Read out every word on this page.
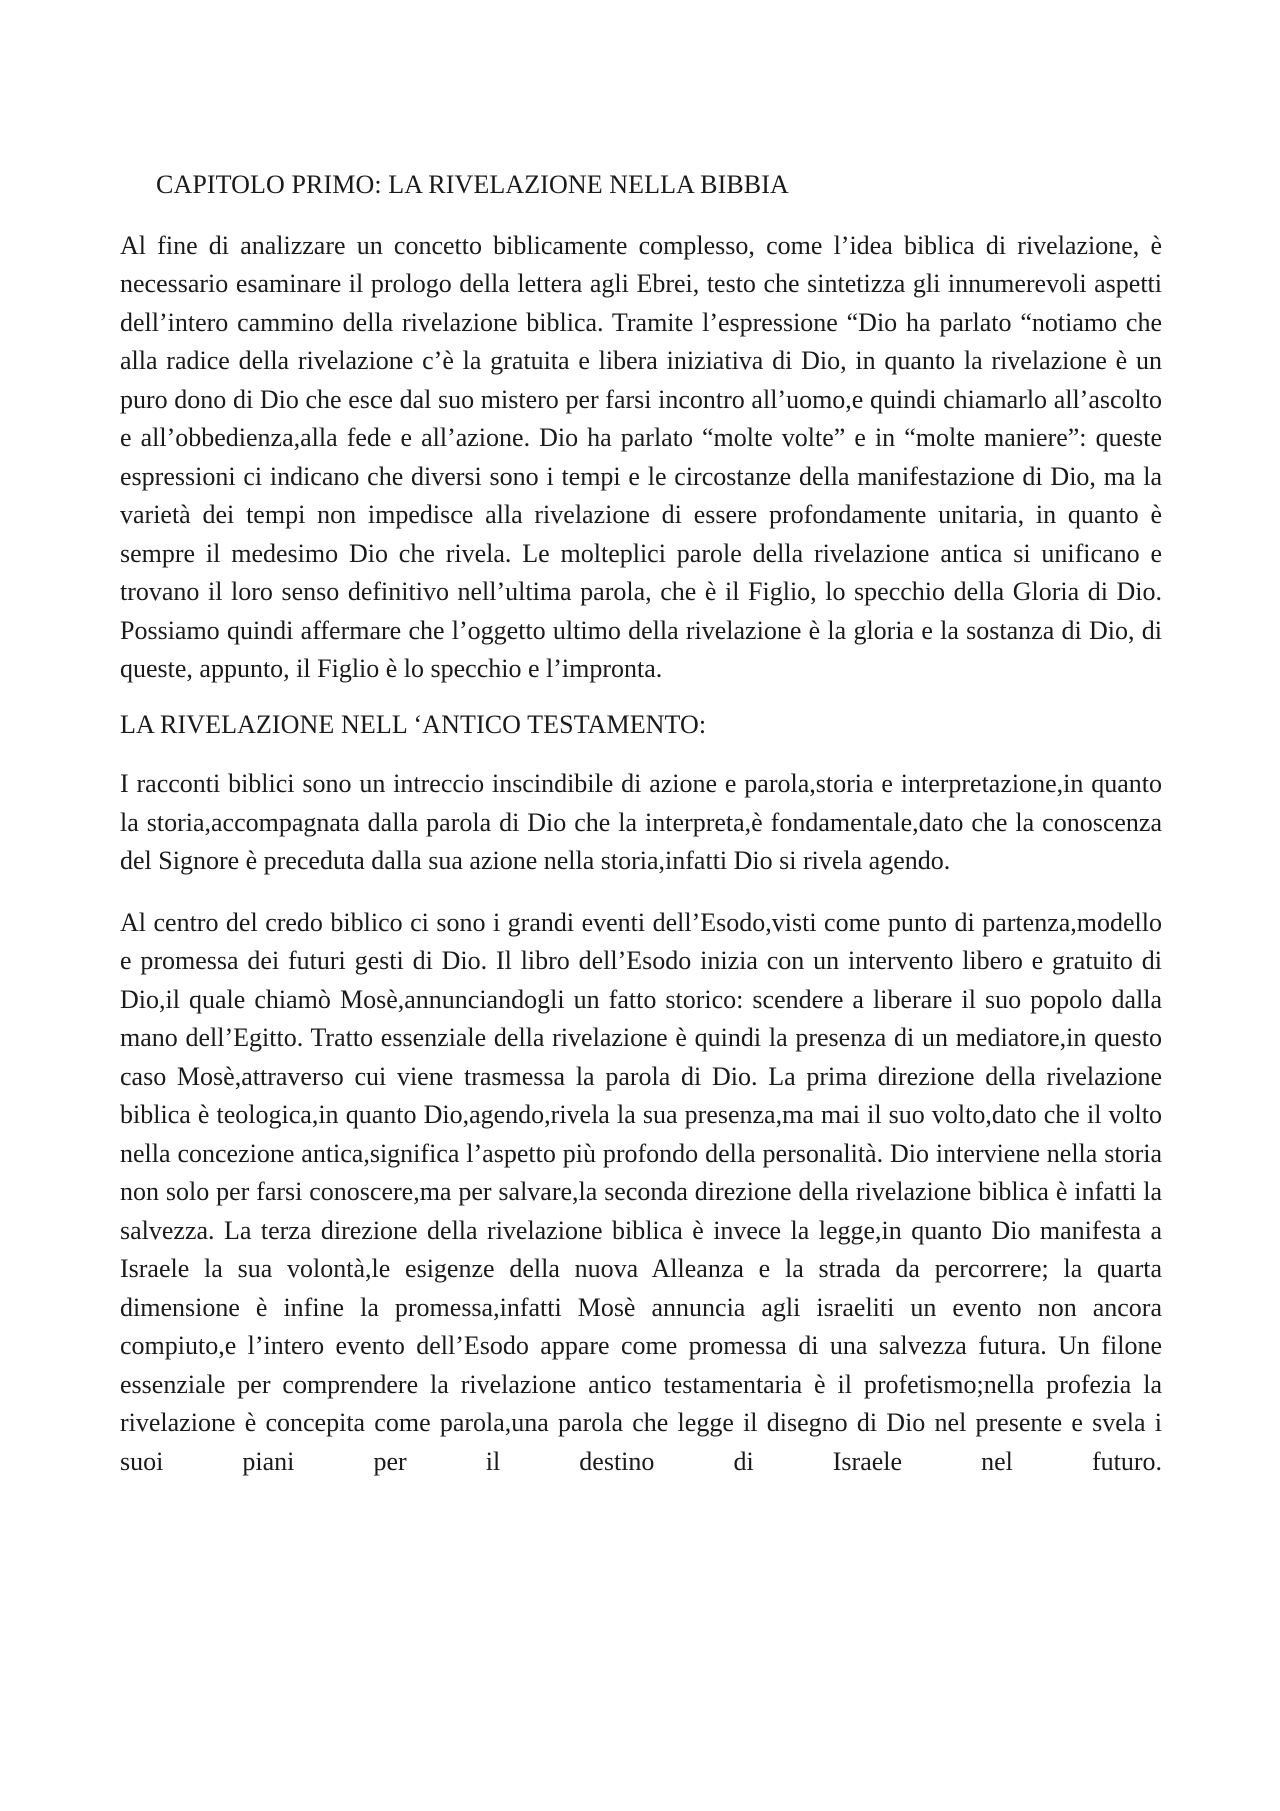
CAPITOLO PRIMO: LA RIVELAZIONE NELLA BIBBIA

Al fine di analizzare un concetto biblicamente complesso, come l’idea biblica di rivelazione, è necessario esaminare il prologo della lettera agli Ebrei, testo che sintetizza gli innumerevoli aspetti dell’intero cammino della rivelazione biblica. Tramite l’espressione “Dio ha parlato “notiamo che alla radice della rivelazione c’è la gratuita e libera iniziativa di Dio, in quanto la rivelazione è un puro dono di Dio che esce dal suo mistero per farsi incontro all’uomo,e quindi chiamarlo all’ascolto e all’obbedienza,alla fede e all’azione. Dio ha parlato “molte volte” e in “molte maniere”: queste espressioni ci indicano che diversi sono i tempi e le circostanze della manifestazione di Dio, ma la varietà dei tempi non impedisce alla rivelazione di essere profondamente unitaria, in quanto è sempre il medesimo Dio che rivela. Le molteplici parole della rivelazione antica si unificano e trovano il loro senso definitivo nell’ultima parola, che è il Figlio, lo specchio della Gloria di Dio. Possiamo quindi affermare che l’oggetto ultimo della rivelazione è la gloria e la sostanza di Dio, di queste, appunto, il Figlio è lo specchio e l’impronta.

LA RIVELAZIONE NELL ‘ANTICO TESTAMENTO:

I racconti biblici sono un intreccio inscindibile di azione e parola,storia e interpretazione,in quanto la storia,accompagnata dalla parola di Dio che la interpreta,è fondamentale,dato che la conoscenza del Signore è preceduta dalla sua azione nella storia,infatti Dio si rivela agendo.

Al centro del credo biblico ci sono i grandi eventi dell’Esodo,visti come punto di partenza,modello e promessa dei futuri gesti di Dio. Il libro dell’Esodo inizia con un intervento libero e gratuito di Dio,il quale chiamò Mosè,annunciandogli un fatto storico: scendere a liberare il suo popolo dalla mano dell’Egitto. Tratto essenziale della rivelazione è quindi la presenza di un mediatore,in questo caso Mosè,attraverso cui viene trasmessa la parola di Dio. La prima direzione della rivelazione biblica è teologica,in quanto Dio,agendo,rivela la sua presenza,ma mai il suo volto,dato che il volto nella concezione antica,significa l’aspetto più profondo della personalità. Dio interviene nella storia non solo per farsi conoscere,ma per salvare,la seconda direzione della rivelazione biblica è infatti la salvezza. La terza direzione della rivelazione biblica è invece la legge,in quanto Dio manifesta a Israele la sua volontà,le esigenze della nuova Alleanza e la strada da percorrere; la quarta dimensione è infine la promessa,infatti Mosè annuncia agli israeliti un evento non ancora compiuto,e l’intero evento dell’Esodo appare come promessa di una salvezza futura. Un filone essenziale per comprendere la rivelazione antico testamentaria è il profetismo;nella profezia la rivelazione è concepita come parola,una parola che legge il disegno di Dio nel presente e svela i suoi piani per il destino di Israele nel futuro.
